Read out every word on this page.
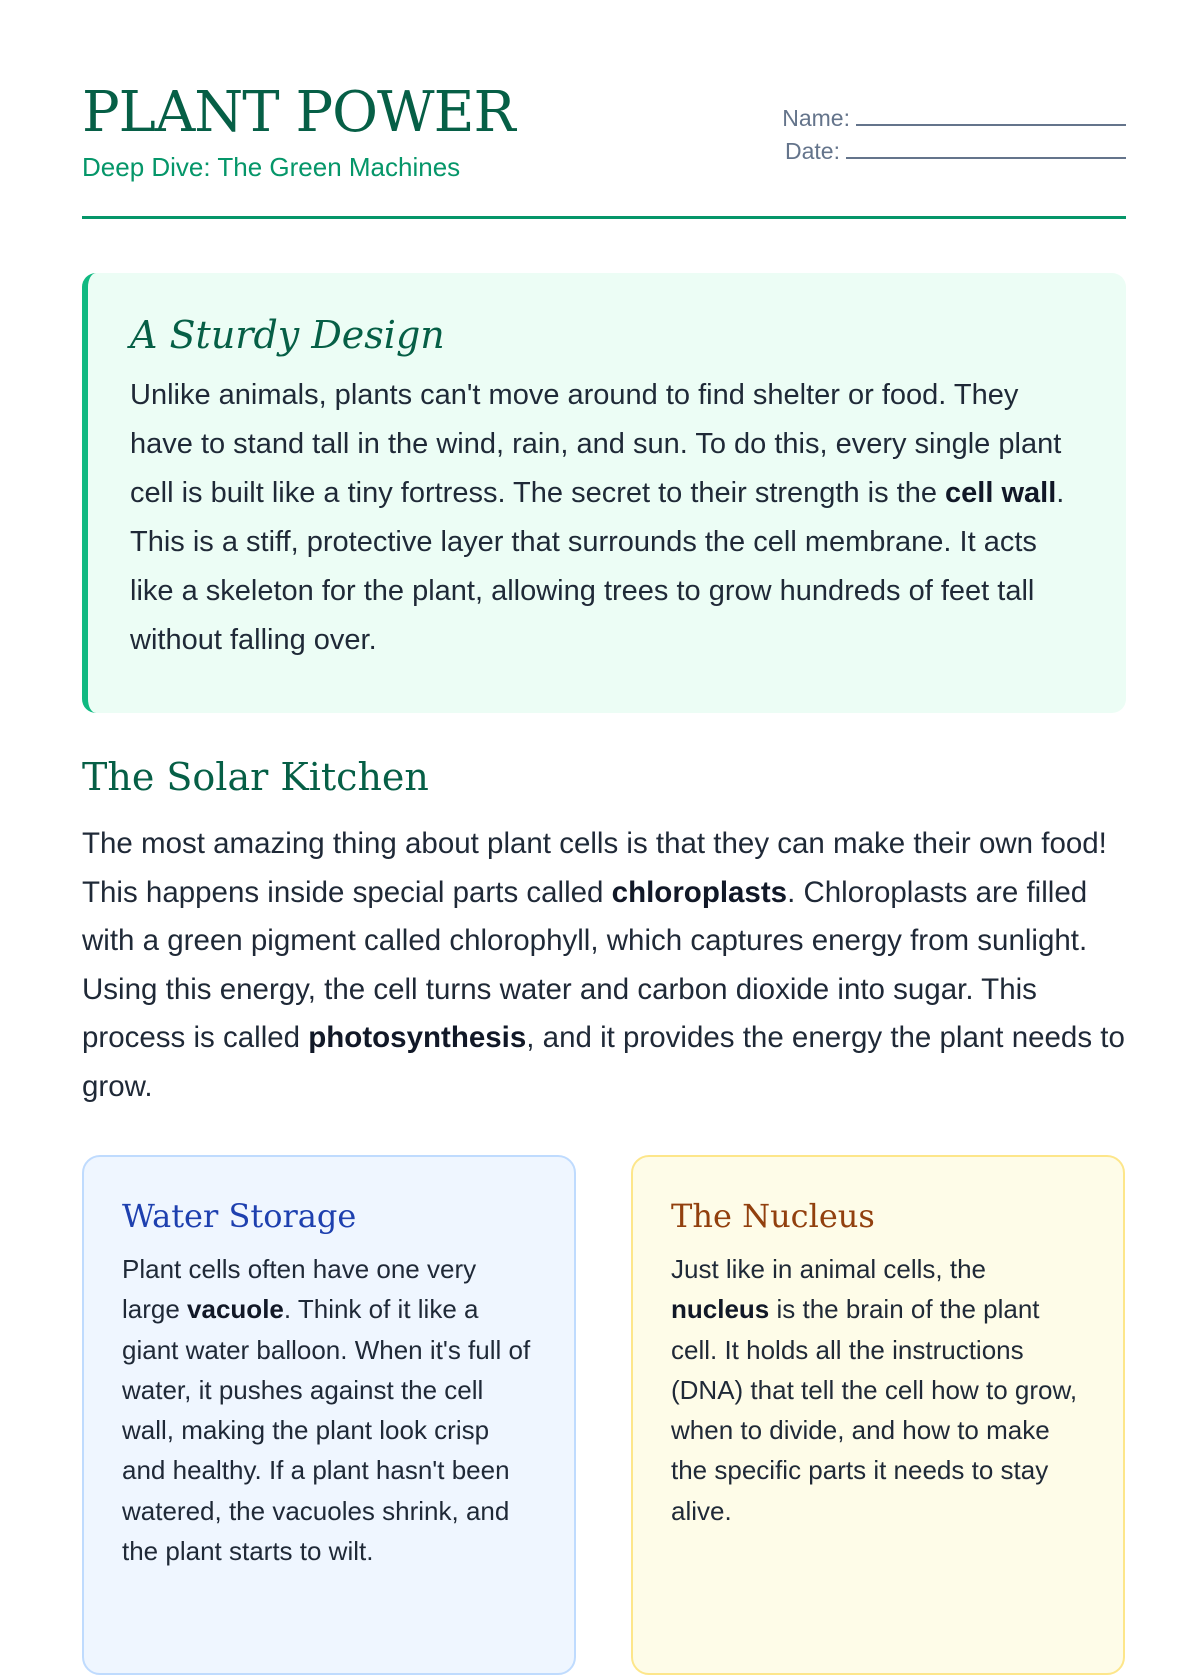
PLANT POWER
Deep Dive: The Green Machines
Name:
Date:
A Sturdy Design

Unlike animals, plants can't move around to find shelter or food. They have to stand tall in the wind, rain, and sun. To do this, every single plant cell is built like a tiny fortress. The secret to their strength is the cell wall. This is a stiff, protective layer that surrounds the cell membrane. It acts like a skeleton for the plant, allowing trees to grow hundreds of feet tall without falling over.

The Solar Kitchen

The most amazing thing about plant cells is that they can make their own food! This happens inside special parts called chloroplasts. Chloroplasts are filled with a green pigment called chlorophyll, which captures energy from sunlight. Using this energy, the cell turns water and carbon dioxide into sugar. This process is called photosynthesis, and it provides the energy the plant needs to grow.

Water Storage

Plant cells often have one very large vacuole. Think of it like a giant water balloon. When it's full of water, it pushes against the cell wall, making the plant look crisp and healthy. If a plant hasn't been watered, the vacuoles shrink, and the plant starts to wilt.

The Nucleus

Just like in animal cells, the nucleus is the brain of the plant cell. It holds all the instructions (DNA) that tell the cell how to grow, when to divide, and how to make the specific parts it needs to stay alive.
